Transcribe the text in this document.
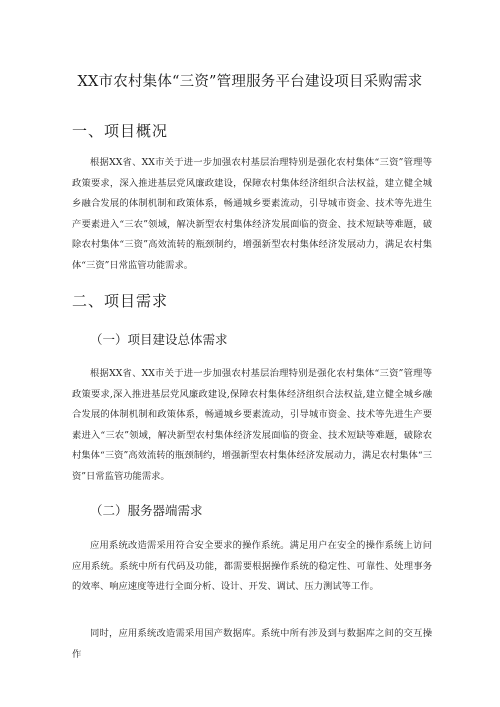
XX市农村集体“三资”管理服务平台建设项目采购需求
一、项目概况
根据XX省、XX市关于进一步加强农村基层治理特别是强化农村集体“三资”管理等政策要求，深入推进基层党风廉政建设，保障农村集体经济组织合法权益，建立健全城乡融合发展的体制机制和政策体系，畅通城乡要素流动，引导城市资金、技术等先进生产要素进入“三农”领域，解决新型农村集体经济发展面临的资金、技术短缺等难题，破除农村集体“三资”高效流转的瓶颈制约，增强新型农村集体经济发展动力，满足农村集体“三资”日常监管功能需求。
二、项目需求
（一）项目建设总体需求
根据XX省、XX市关于进一步加强农村基层治理特别是强化农村集体“三资”管理等政策要求,深入推进基层党风廉政建设,保障农村集体经济组织合法权益,建立健全城乡融合发展的体制机制和政策体系，畅通城乡要素流动，引导城市资金、技术等先进生产要素进入“三农”领域，解决新型农村集体经济发展面临的资金、技术短缺等难题，破除农村集体“三资”高效流转的瓶颈制约，增强新型农村集体经济发展动力，满足农村集体“三资”日常监管功能需求。
（二）服务器端需求
应用系统改造需采用符合安全要求的操作系统。满足用户在安全的操作系统上访问应用系统。系统中所有代码及功能，都需要根据操作系统的稳定性、可靠性、处理事务的效率、响应速度等进行全面分析、设计、开发、调试、压力测试等工作。
同时，应用系统改造需采用国产数据库。系统中所有涉及到与数据库之间的交互操作
